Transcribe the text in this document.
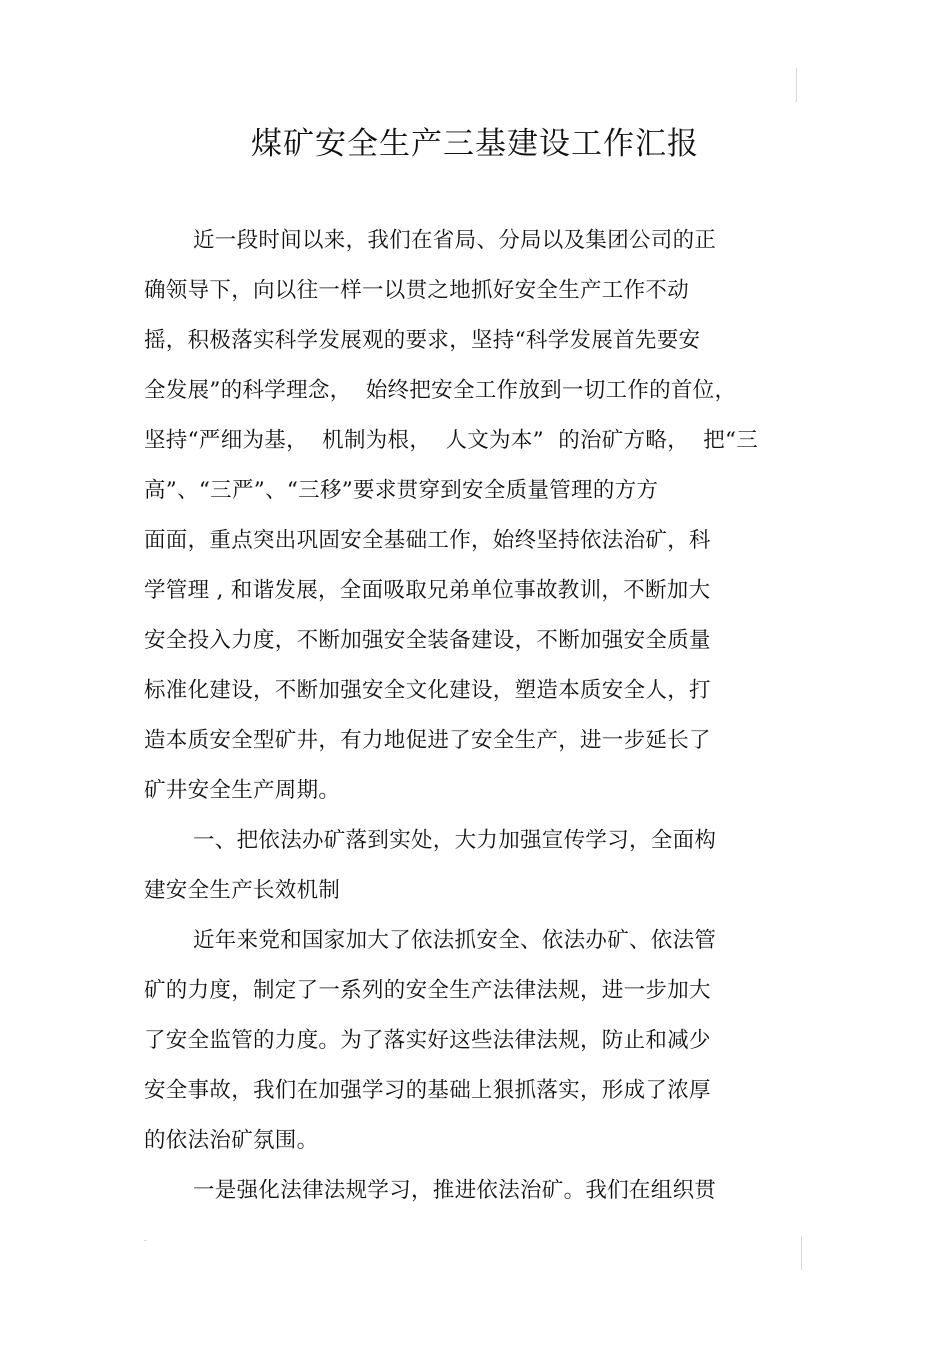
煤矿安全生产三基建设工作汇报
近一段时间以来，我们在省局、分局以及集团公司的正
确领导下，向以往一样一以贯之地抓好安全生产工作不动
摇，积极落实科学发展观的要求，坚持“科学发展首先要安
全发展”的科学理念，  始终把安全工作放到一切工作的首位，
坚持“严细为基，  机制为根，  人文为本”  的治矿方略，  把“三
高”、“三严”、“三移”要求贯穿到安全质量管理的方方
面面，重点突出巩固安全基础工作，始终坚持依法治矿，科
学管理 , 和谐发展，全面吸取兄弟单位事故教训，不断加大
安全投入力度，不断加强安全装备建设，不断加强安全质量
标准化建设，不断加强安全文化建设，塑造本质安全人，打
造本质安全型矿井，有力地促进了安全生产，进一步延长了
矿井安全生产周期。
一、把依法办矿落到实处，大力加强宣传学习，全面构
建安全生产长效机制
近年来党和国家加大了依法抓安全、依法办矿、依法管
矿的力度，制定了一系列的安全生产法律法规，进一步加大
了安全监管的力度。为了落实好这些法律法规，防止和减少
安全事故，我们在加强学习的基础上狠抓落实，形成了浓厚
的依法治矿氛围。
一是强化法律法规学习，推进依法治矿。我们在组织贯
